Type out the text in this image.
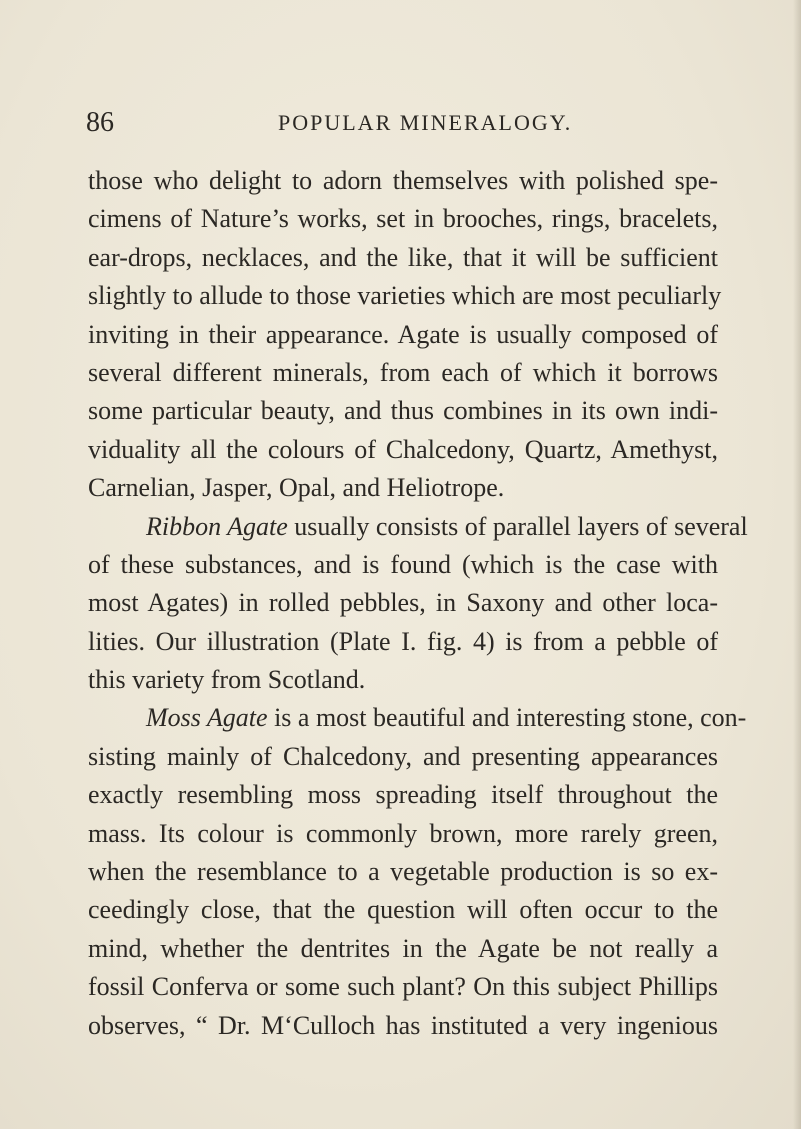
86	POPULAR MINERALOGY.
those who delight to adorn themselves with polished spe-
cimens of Nature’s works, set in brooches, rings, bracelets,
ear-drops, necklaces, and the like, that it will be sufficient
slightly to allude to those varieties which are most peculiarly
inviting in their appearance. Agate is usually composed of
several different minerals, from each of which it borrows
some particular beauty, and thus combines in its own indi-
viduality all the colours of Chalcedony, Quartz, Amethyst,
Carnelian, Jasper, Opal, and Heliotrope.
Ribbon Agate usually consists of parallel layers of several
of these substances, and is found (which is the case with
most Agates) in rolled pebbles, in Saxony and other loca-
lities. Our illustration (Plate I. fig. 4) is from a pebble of
this variety from Scotland.
Moss Agate is a most beautiful and interesting stone, con-
sisting mainly of Chalcedony, and presenting appearances
exactly resembling moss spreading itself throughout the
mass. Its colour is commonly brown, more rarely green,
when the resemblance to a vegetable production is so ex-
ceedingly close, that the question will often occur to the
mind, whether the dentrites in the Agate be not really a
fossil Conferva or some such plant? On this subject Phillips
observes, “ Dr. M‘Culloch has instituted a very ingenious
